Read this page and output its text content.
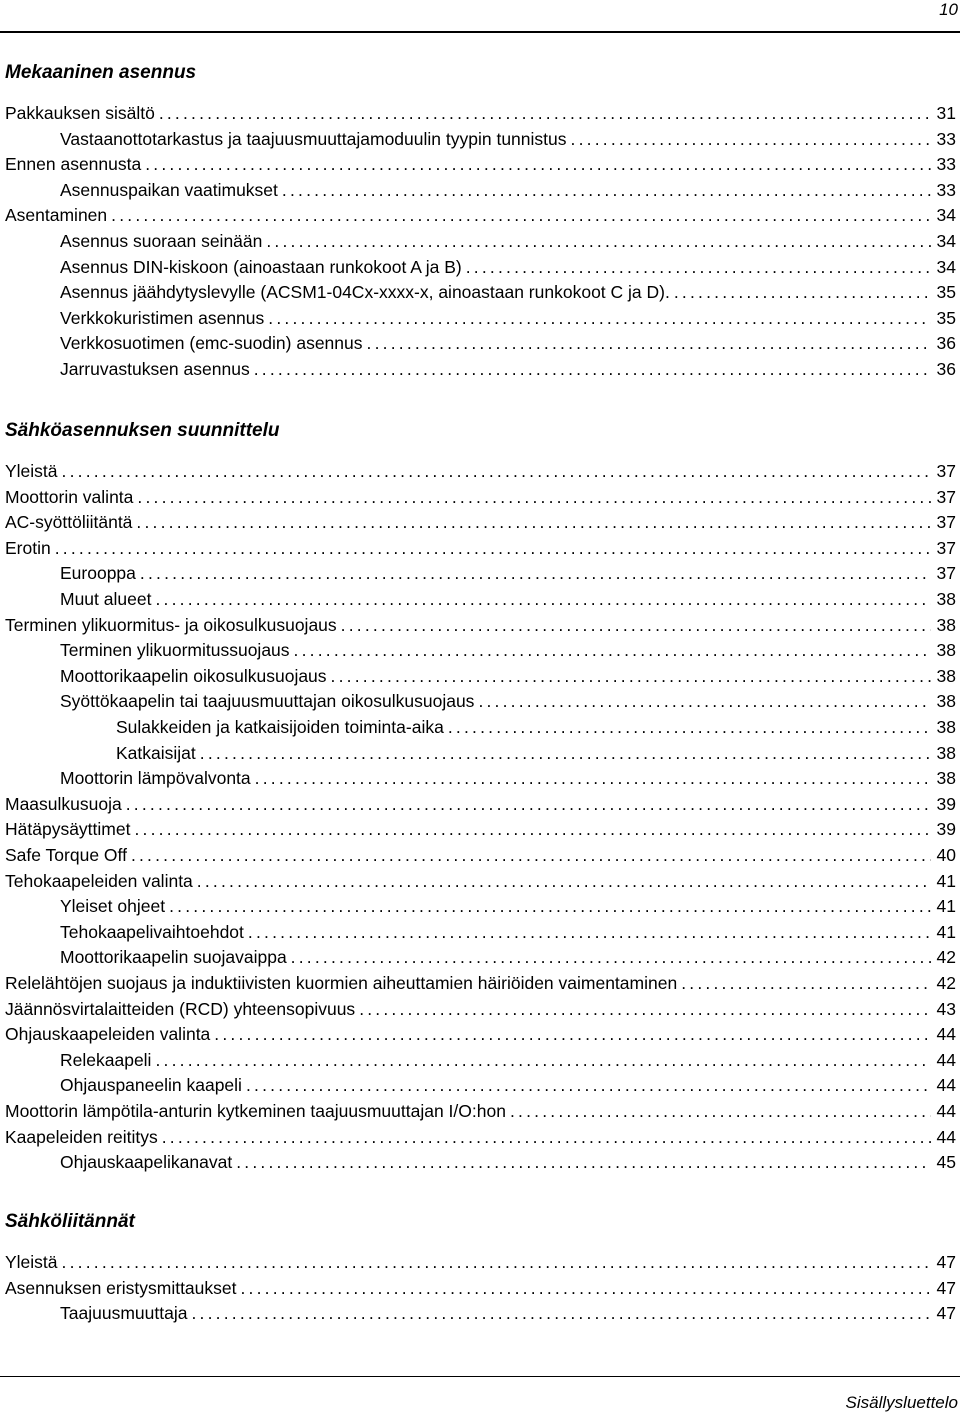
10
Mekaaninen asennus
Pakkauksen sisältö .....	31
Vastaanottotarkastus ja taajuusmuuttajamoduulin tyypin tunnistus .....	33
Ennen asennusta .....	33
Asennuspaikan vaatimukset .....	33
Asentaminen .....	34
Asennus suoraan seinään .....	34
Asennus DIN-kiskoon (ainoastaan runkokoot A ja B) .....	34
Asennus jäähdytyslevylle (ACSM1-04Cx-xxxx-x, ainoastaan runkokoot C ja D). .....	35
Verkkokuristimen asennus .....	35
Verkkosuotimen (emc-suodin) asennus .....	36
Jarruvastuksen asennus .....	36
Sähköasennuksen suunnittelu
Yleistä .....	37
Moottorin valinta .....	37
AC-syöttöliitäntä .....	37
Erotin .....	37
Eurooppa .....	37
Muut alueet .....	38
Terminen ylikuormitus- ja oikosulkusuojaus .....	38
Terminen ylikuormitussuojaus .....	38
Moottorikaapelin oikosulkusuojaus .....	38
Syöttökaapelin tai taajuusmuuttajan oikosulkusuojaus .....	38
Sulakkeiden ja katkaisijoiden toiminta-aika .....	38
Katkaisijat .....	38
Moottorin lämpövalvonta .....	38
Maasulkusuoja .....	39
Hätäpysäyttimet .....	39
Safe Torque Off .....	40
Tehokaapeleiden valinta .....	41
Yleiset ohjeet .....	41
Tehokaapelivaihtoehdot .....	41
Moottorikaapelin suojavaippa .....	42
Relelähtöjen suojaus ja induktiivisten kuormien aiheuttamien häiriöiden vaimentaminen .....	42
Jäännösvirtalaitteiden (RCD) yhteensopivuus .....	43
Ohjauskaapeleiden valinta .....	44
Relekaapeli .....	44
Ohjauspaneelin kaapeli .....	44
Moottorin lämpötila-anturin kytkeminen taajuusmuuttajan I/O:hon .....	44
Kaapeleiden reititys .....	44
Ohjauskaapelikanavat .....	45
Sähköliitännät
Yleistä .....	47
Asennuksen eristysmittaukset .....	47
Taajuusmuuttaja .....	47
Sisällysluettelo
